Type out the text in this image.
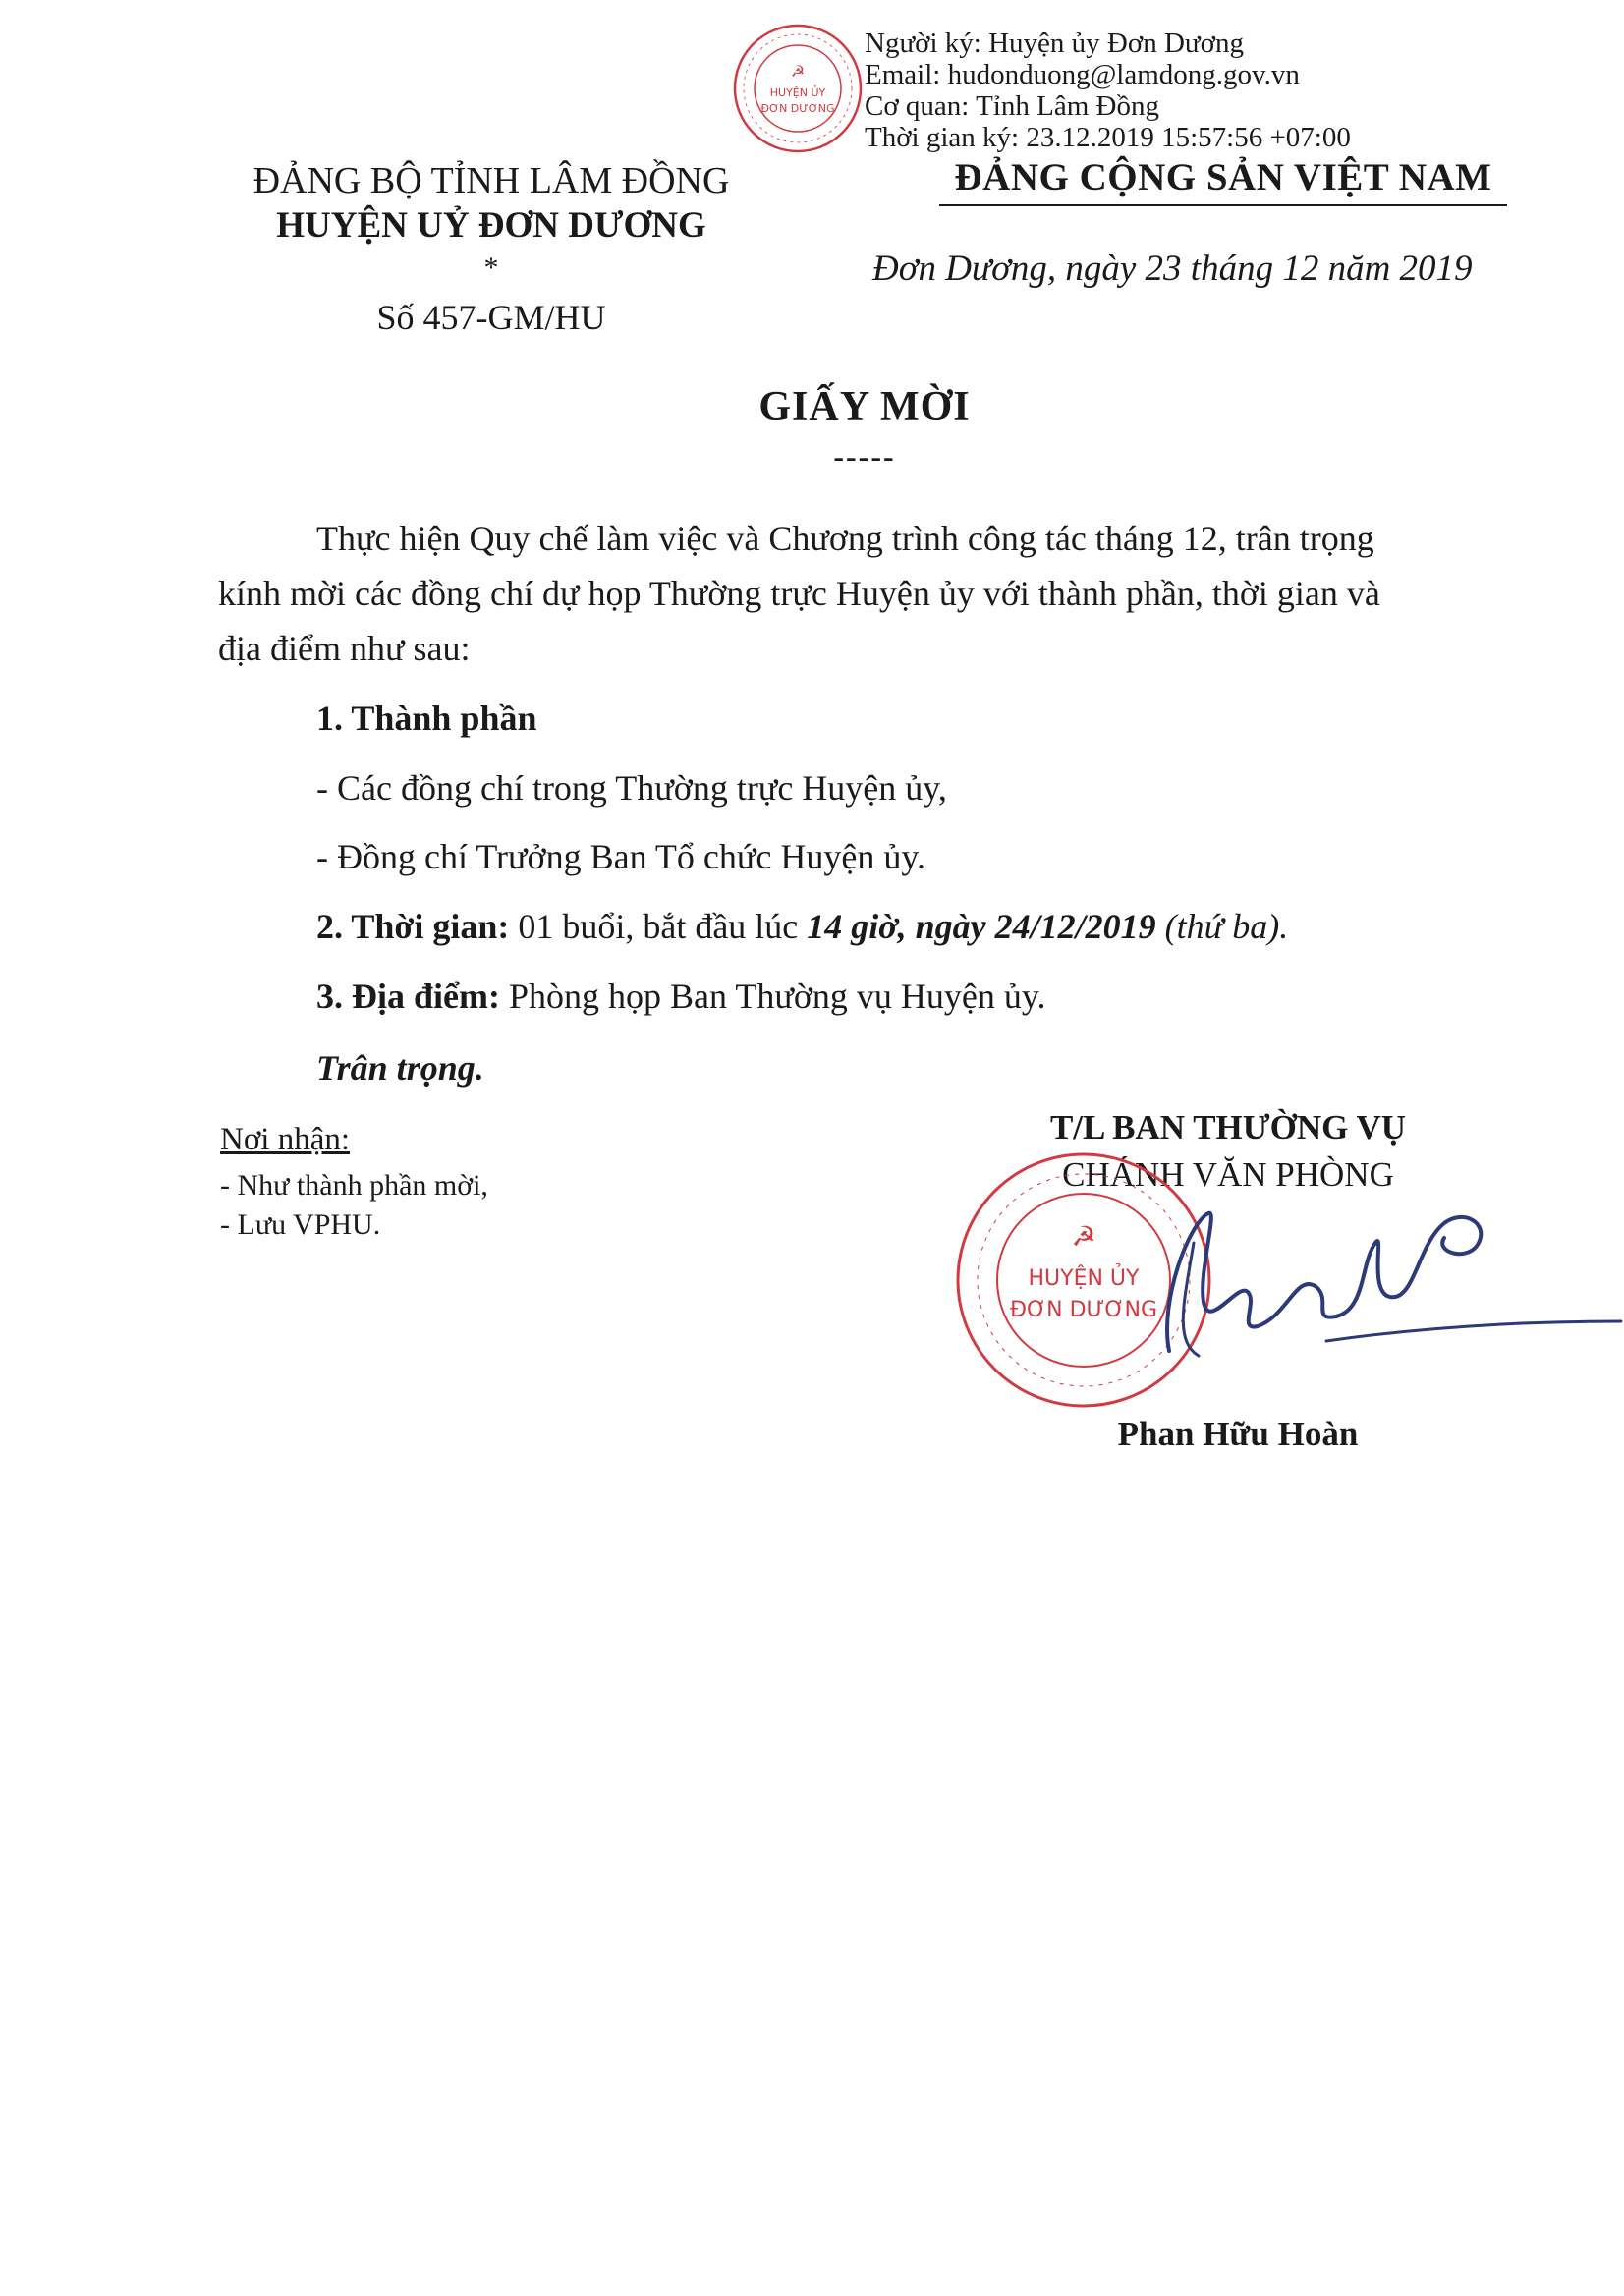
☭
HUYỆN ỦY
ĐƠN DƯƠNG
Người ký: Huyện ủy Đơn Dương
Email: hudonduong@lamdong.gov.vn
Cơ quan: Tỉnh Lâm Đồng
Thời gian ký: 23.12.2019 15:57:56 +07:00
ĐẢNG BỘ TỈNH LÂM ĐỒNG
HUYỆN UỶ ĐƠN DƯƠNG
*
Số 457-GM/HU
ĐẢNG CỘNG SẢN VIỆT NAM
Đơn Dương, ngày 23 tháng 12 năm 2019
GIẤY MỜI
-----
Thực hiện Quy chế làm việc và Chương trình công tác tháng 12, trân trọng
kính mời các đồng chí dự họp Thường trực Huyện ủy với thành phần, thời gian và
địa điểm như sau:
1. Thành phần
- Các đồng chí trong Thường trực Huyện ủy,
- Đồng chí Trưởng Ban Tổ chức Huyện ủy.
2. Thời gian: 01 buổi, bắt đầu lúc 14 giờ, ngày 24/12/2019 (thứ ba).
3. Địa điểm: Phòng họp Ban Thường vụ Huyện ủy.
Trân trọng.
Nơi nhận:
- Như thành phần mời,
- Lưu VPHU.
T/L BAN THƯỜNG VỤ
CHÁNH VĂN PHÒNG
☭
HUYỆN ỦY
ĐƠN DƯƠNG
Phan Hữu Hoàn
